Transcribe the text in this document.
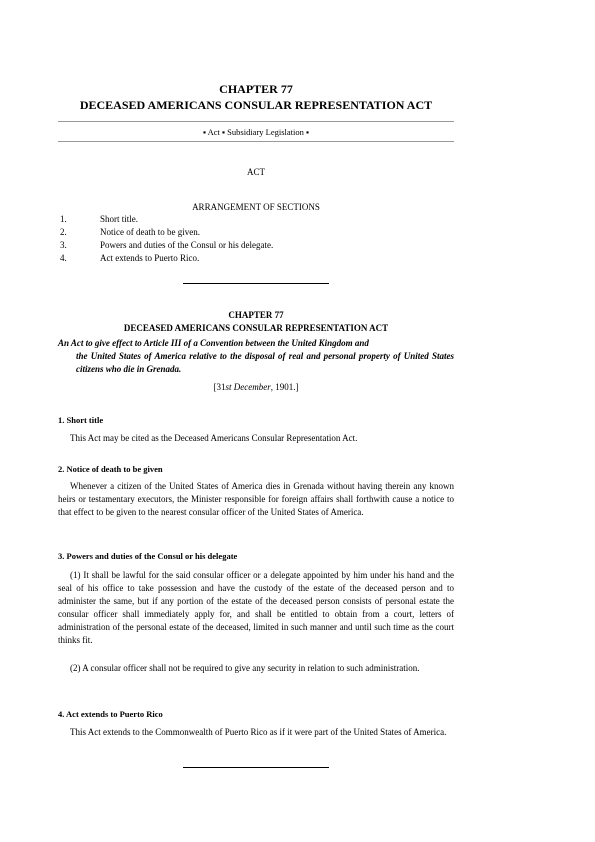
CHAPTER 77
DECEASED AMERICANS CONSULAR REPRESENTATION ACT
▪ Act ▪ Subsidiary Legislation ▪
ACT
ARRANGEMENT OF SECTIONS
1.	Short title.
2.	Notice of death to be given.
3.	Powers and duties of the Consul or his delegate.
4.	Act extends to Puerto Rico.
CHAPTER 77
DECEASED AMERICANS CONSULAR REPRESENTATION ACT
An Act to give effect to Article III of a Convention between the United Kingdom and
the United States of America relative to the disposal of real and personal property of United States citizens who die in Grenada.
[31st December, 1901.]
1. Short title
This Act may be cited as the Deceased Americans Consular Representation Act.
2. Notice of death to be given
Whenever a citizen of the United States of America dies in Grenada without having therein any known heirs or testamentary executors, the Minister responsible for foreign affairs shall forthwith cause a notice to that effect to be given to the nearest consular officer of the United States of America.
3. Powers and duties of the Consul or his delegate
(1) It shall be lawful for the said consular officer or a delegate appointed by him under his hand and the seal of his office to take possession and have the custody of the estate of the deceased person and to administer the same, but if any portion of the estate of the deceased person consists of personal estate the consular officer shall immediately apply for, and shall be entitled to obtain from a court, letters of administration of the personal estate of the deceased, limited in such manner and until such time as the court thinks fit.
(2) A consular officer shall not be required to give any security in relation to such administration.
4. Act extends to Puerto Rico
This Act extends to the Commonwealth of Puerto Rico as if it were part of the United States of America.
